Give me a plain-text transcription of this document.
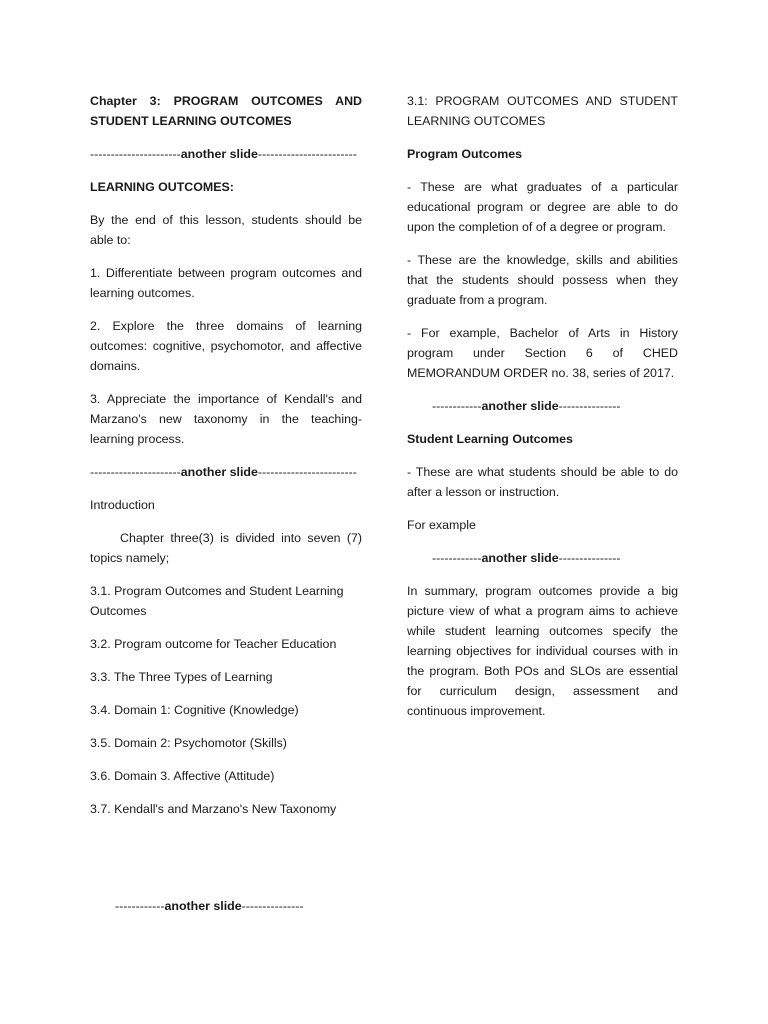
Chapter 3: PROGRAM OUTCOMES AND STUDENT LEARNING OUTCOMES

----------------------another slide------------------------

LEARNING OUTCOMES:

By the end of this lesson, students should be able to:

1. Differentiate between program outcomes and learning outcomes.

2. Explore the three domains of learning outcomes: cognitive, psychomotor, and affective domains.

3. Appreciate the importance of Kendall's and Marzano's new taxonomy in the teaching-learning process.

----------------------another slide------------------------

Introduction

Chapter three(3) is divided into seven (7) topics namely;

3.1. Program Outcomes and Student Learning Outcomes

3.2. Program outcome for Teacher Education

3.3. The Three Types of Learning

3.4. Domain 1: Cognitive (Knowledge)

3.5. Domain 2: Psychomotor (Skills)

3.6. Domain 3. Affective (Attitude)

3.7. Kendall's and Marzano's New Taxonomy

------------another slide---------------

3.1: PROGRAM OUTCOMES AND STUDENT LEARNING OUTCOMES

Program Outcomes

- These are what graduates of a particular educational program or degree are able to do upon the completion of of a degree or program.

- These are the knowledge, skills and abilities that the students should possess when they graduate from a program.

- For example, Bachelor of Arts in History program under Section 6 of CHED MEMORANDUM ORDER no. 38, series of 2017.

------------another slide---------------

Student Learning Outcomes

- These are what students should be able to do after a lesson or instruction.

For example

------------another slide---------------

In summary, program outcomes provide a big picture view of what a program aims to achieve while student learning outcomes specify the learning objectives for individual courses with in the program. Both POs and SLOs are essential for curriculum design, assessment and continuous improvement.
